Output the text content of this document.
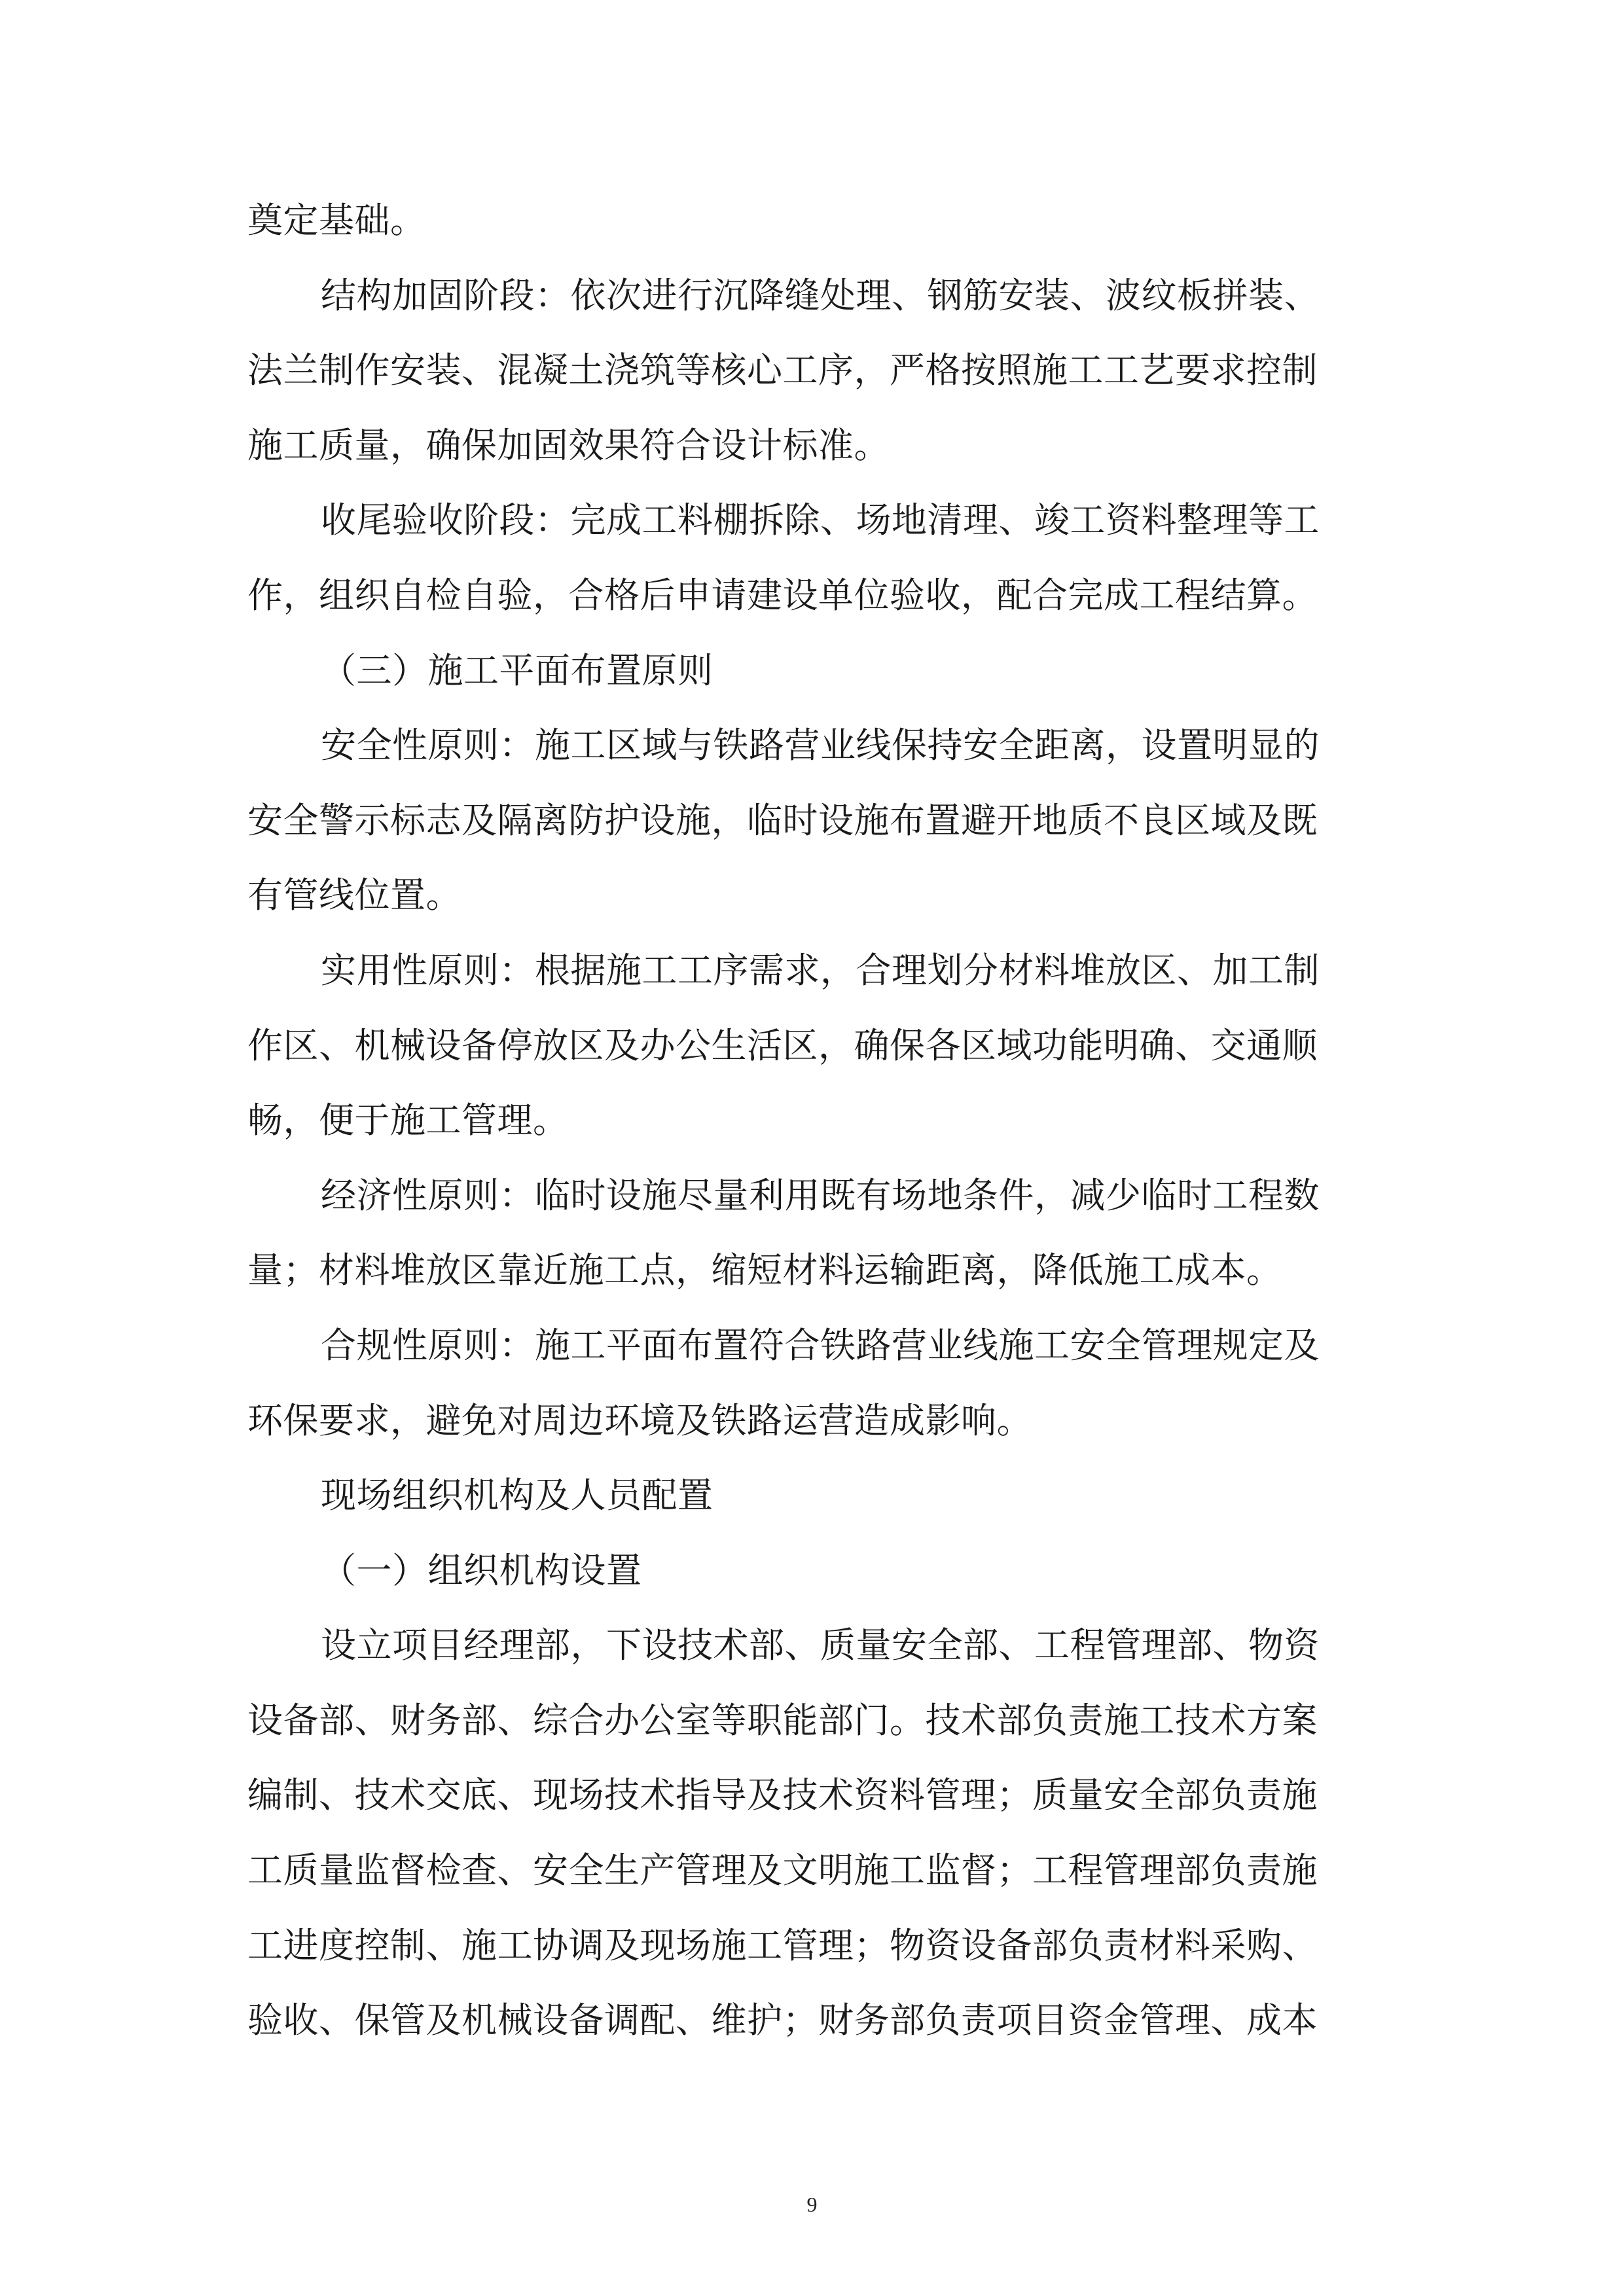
奠定基础。
结构加固阶段：依次进行沉降缝处理、钢筋安装、波纹板拼装、
法兰制作安装、混凝土浇筑等核心工序，严格按照施工工艺要求控制
施工质量，确保加固效果符合设计标准。
收尾验收阶段：完成工料棚拆除、场地清理、竣工资料整理等工
作，组织自检自验，合格后申请建设单位验收，配合完成工程结算。
（三）施工平面布置原则
安全性原则：施工区域与铁路营业线保持安全距离，设置明显的
安全警示标志及隔离防护设施，临时设施布置避开地质不良区域及既
有管线位置。
实用性原则：根据施工工序需求，合理划分材料堆放区、加工制
作区、机械设备停放区及办公生活区，确保各区域功能明确、交通顺
畅，便于施工管理。
经济性原则：临时设施尽量利用既有场地条件，减少临时工程数
量；材料堆放区靠近施工点，缩短材料运输距离，降低施工成本。
合规性原则：施工平面布置符合铁路营业线施工安全管理规定及
环保要求，避免对周边环境及铁路运营造成影响。
现场组织机构及人员配置
（一）组织机构设置
设立项目经理部，下设技术部、质量安全部、工程管理部、物资
设备部、财务部、综合办公室等职能部门。技术部负责施工技术方案
编制、技术交底、现场技术指导及技术资料管理；质量安全部负责施
工质量监督检查、安全生产管理及文明施工监督；工程管理部负责施
工进度控制、施工协调及现场施工管理；物资设备部负责材料采购、
验收、保管及机械设备调配、维护；财务部负责项目资金管理、成本
9
